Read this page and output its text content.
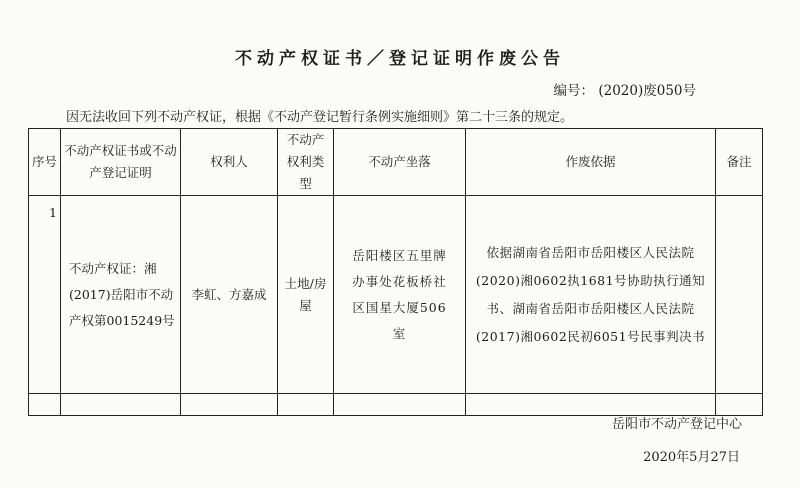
不动产权证书／登记证明作废公告
编号： (2020)废050号
因无法收回下列不动产权证，根据《不动产登记暂行条例实施细则》第二十三条的规定。
序号	不动产权证书或不动产登记证明	权利人	不动产权利类型	不动产坐落	作废依据	备注
1	不动产权证：湘(2017)岳阳市不动产权第0015249号	李虹、方嘉成	土地/房屋	岳阳楼区五里牌办事处花板桥社区国星大厦506室	依据湖南省岳阳市岳阳楼区人民法院(2020)湘0602执1681号协助执行通知书、湖南省岳阳市岳阳楼区人民法院(2017)湘0602民初6051号民事判决书	

岳阳市不动产登记中心
2020年5月27日
